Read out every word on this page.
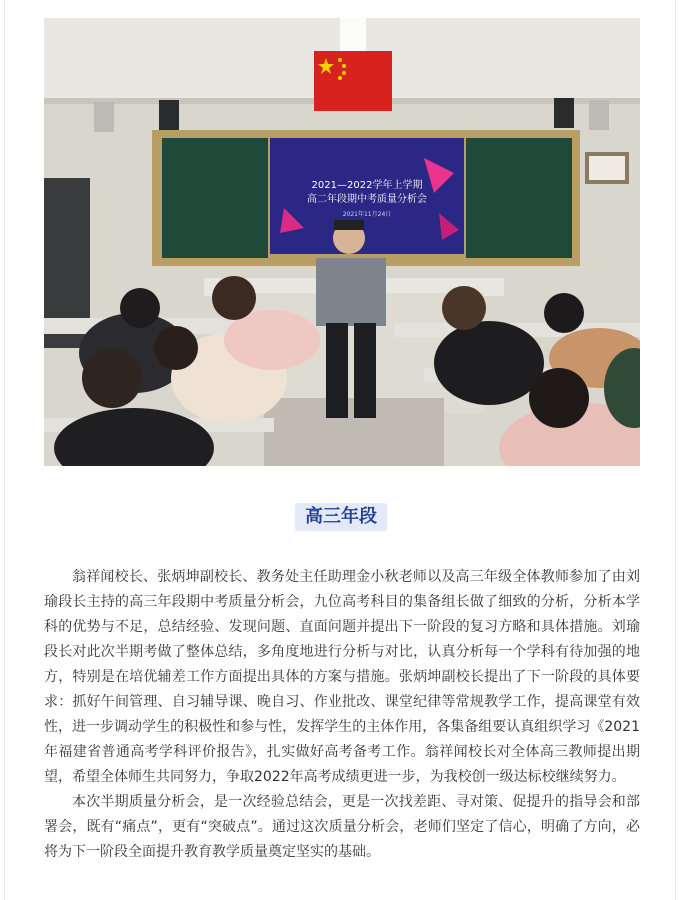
2021—2022学年上学期
高二年段期中考质量分析会
2021年11月24日
高三年段

翁祥闻校长、张炳坤副校长、教务处主任助理金小秋老师以及高三年级全体教师参加了由刘瑜段长主持的高三年段期中考质量分析会，九位高考科目的集备组长做了细致的分析，分析本学科的优势与不足，总结经验、发现问题、直面问题并提出下一阶段的复习方略和具体措施。刘瑜段长对此次半期考做了整体总结，多角度地进行分析与对比，认真分析每一个学科有待加强的地方，特别是在培优辅差工作方面提出具体的方案与措施。张炳坤副校长提出了下一阶段的具体要求：抓好午间管理、自习辅导课、晚自习、作业批改、课堂纪律等常规教学工作，提高课堂有效性，进一步调动学生的积极性和参与性，发挥学生的主体作用，各集备组要认真组织学习《2021年福建省普通高考学科评价报告》，扎实做好高考备考工作。翁祥闻校长对全体高三教师提出期望，希望全体师生共同努力，争取2022年高考成绩更进一步，为我校创一级达标校继续努力。

本次半期质量分析会，是一次经验总结会，更是一次找差距、寻对策、促提升的指导会和部署会，既有“痛点”，更有“突破点”。通过这次质量分析会，老师们坚定了信心，明确了方向，必将为下一阶段全面提升教育教学质量奠定坚实的基础。
